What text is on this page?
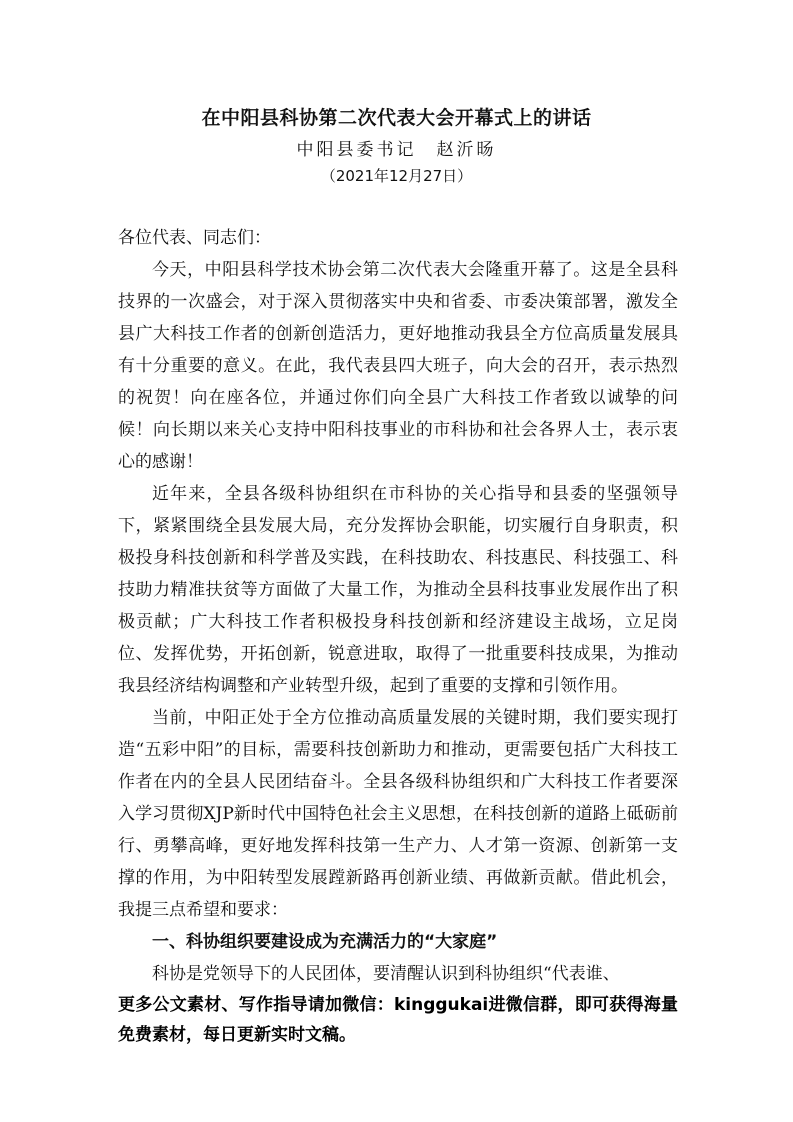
在中阳县科协第二次代表大会开幕式上的讲话
中阳县委书记　赵沂旸
（2021年12月27日）

各位代表、同志们：

今天，中阳县科学技术协会第二次代表大会隆重开幕了。这是全县科技界的一次盛会，对于深入贯彻落实中央和省委、市委决策部署，激发全县广大科技工作者的创新创造活力，更好地推动我县全方位高质量发展具有十分重要的意义。在此，我代表县四大班子，向大会的召开，表示热烈的祝贺！向在座各位，并通过你们向全县广大科技工作者致以诚挚的问候！向长期以来关心支持中阳科技事业的市科协和社会各界人士，表示衷心的感谢！

近年来，全县各级科协组织在市科协的关心指导和县委的坚强领导下，紧紧围绕全县发展大局，充分发挥协会职能，切实履行自身职责，积极投身科技创新和科学普及实践，在科技助农、科技惠民、科技强工、科技助力精准扶贫等方面做了大量工作，为推动全县科技事业发展作出了积极贡献；广大科技工作者积极投身科技创新和经济建设主战场，立足岗位、发挥优势，开拓创新，锐意进取，取得了一批重要科技成果，为推动我县经济结构调整和产业转型升级，起到了重要的支撑和引领作用。

当前，中阳正处于全方位推动高质量发展的关键时期，我们要实现打造“五彩中阳”的目标，需要科技创新助力和推动，更需要包括广大科技工作者在内的全县人民团结奋斗。全县各级科协组织和广大科技工作者要深入学习贯彻XJP新时代中国特色社会主义思想，在科技创新的道路上砥砺前行、勇攀高峰，更好地发挥科技第一生产力、人才第一资源、创新第一支撑的作用，为中阳转型发展蹚新路再创新业绩、再做新贡献。借此机会，我提三点希望和要求：

一、科协组织要建设成为充满活力的“大家庭”

科协是党领导下的人民团体，要清醒认识到科协组织“代表谁、

更多公文素材、写作指导请加微信：kinggukai进微信群，即可获得海量免费素材，每日更新实时文稿。
